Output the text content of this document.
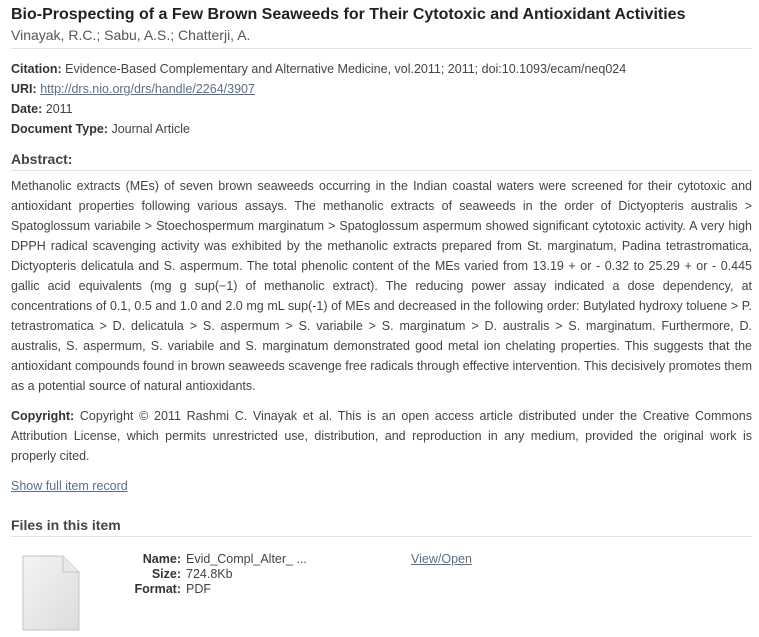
Bio-Prospecting of a Few Brown Seaweeds for Their Cytotoxic and Antioxidant Activities
Vinayak, R.C.; Sabu, A.S.; Chatterji, A.
Citation: Evidence-Based Complementary and Alternative Medicine, vol.2011; 2011; doi:10.1093/ecam/neq024
URI: http://drs.nio.org/drs/handle/2264/3907
Date: 2011
Document Type: Journal Article
Abstract:
Methanolic extracts (MEs) of seven brown seaweeds occurring in the Indian coastal waters were screened for their cytotoxic and antioxidant properties following various assays. The methanolic extracts of seaweeds in the order of Dictyopteris australis > Spatoglossum variabile > Stoechospermum marginatum > Spatoglossum aspermum showed significant cytotoxic activity. A very high DPPH radical scavenging activity was exhibited by the methanolic extracts prepared from St. marginatum, Padina tetrastromatica, Dictyopteris delicatula and S. aspermum. The total phenolic content of the MEs varied from 13.19 + or - 0.32 to 25.29 + or - 0.445 gallic acid equivalents (mg g sup(−1) of methanolic extract). The reducing power assay indicated a dose dependency, at concentrations of 0.1, 0.5 and 1.0 and 2.0 mg mL sup(-1) of MEs and decreased in the following order: Butylated hydroxy toluene > P. tetrastromatica > D. delicatula > S. aspermum > S. variabile > S. marginatum > D. australis > S. marginatum. Furthermore, D. australis, S. aspermum, S. variabile and S. marginatum demonstrated good metal ion chelating properties. This suggests that the antioxidant compounds found in brown seaweeds scavenge free radicals through effective intervention. This decisively promotes them as a potential source of natural antioxidants.
Copyright: Copyright © 2011 Rashmi C. Vinayak et al. This is an open access article distributed under the Creative Commons Attribution License, which permits unrestricted use, distribution, and reproduction in any medium, provided the original work is properly cited.
Show full item record
Files in this item
Name: Evid_Compl_Alter_ ...
Size: 724.8Kb
Format: PDF
View/Open
